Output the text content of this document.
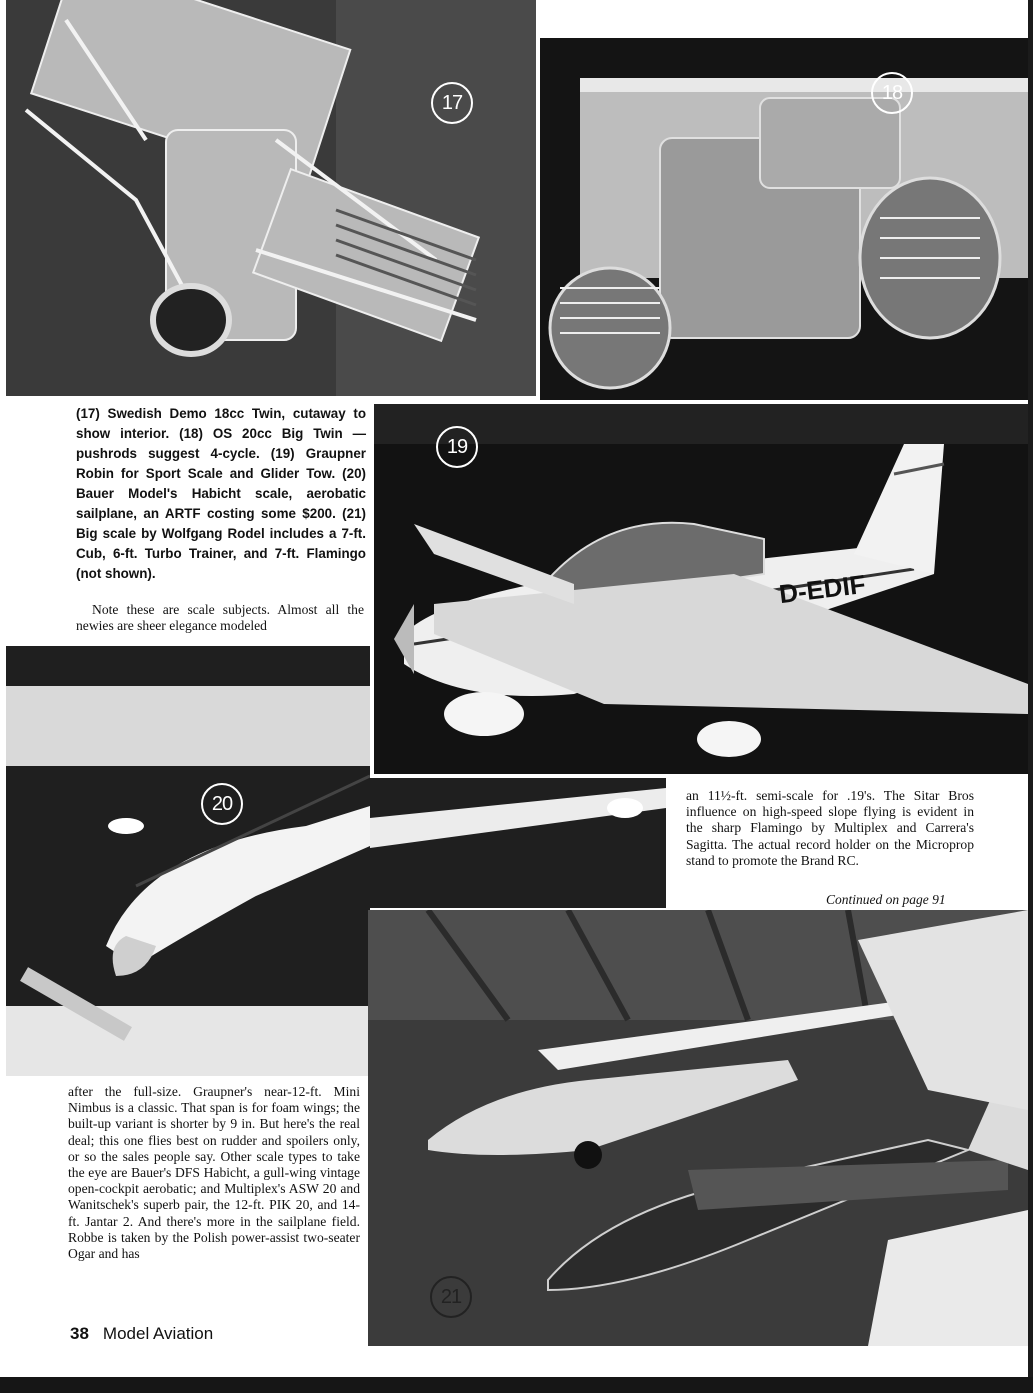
17	18
19
D-EDIF
20
21
(17) Swedish Demo 18cc Twin, cutaway to show interior. (18) OS 20cc Big Twin —pushrods suggest 4-cycle. (19) Graupner Robin for Sport Scale and Glider Tow. (20) Bauer Model's Habicht scale, aerobatic sailplane, an ARTF costing some $200. (21) Big scale by Wolfgang Rodel includes a 7-ft. Cub, 6-ft. Turbo Trainer, and 7-ft. Flamingo (not shown).
Note these are scale subjects. Almost all the newies are sheer elegance modeled
after the full-size. Graupner's near-12-ft. Mini Nimbus is a classic. That span is for foam wings; the built-up variant is shorter by 9 in. But here's the real deal; this one flies best on rudder and spoilers only, or so the sales people say. Other scale types to take the eye are Bauer's DFS Habicht, a gull-wing vintage open-cockpit aerobatic; and Multiplex's ASW 20 and Wanitschek's superb pair, the 12-ft. PIK 20, and 14-ft. Jantar 2. And there's more in the sailplane field. Robbe is taken by the Polish power-assist two-seater Ogar and has
an 11½-ft. semi-scale for .19's. The Sitar Bros influence on high-speed slope flying is evident in the sharp Flamingo by Multiplex and Carrera's Sagitta. The actual record holder on the Microprop stand to promote the Brand RC.
Continued on page 91
38 Model Aviation
